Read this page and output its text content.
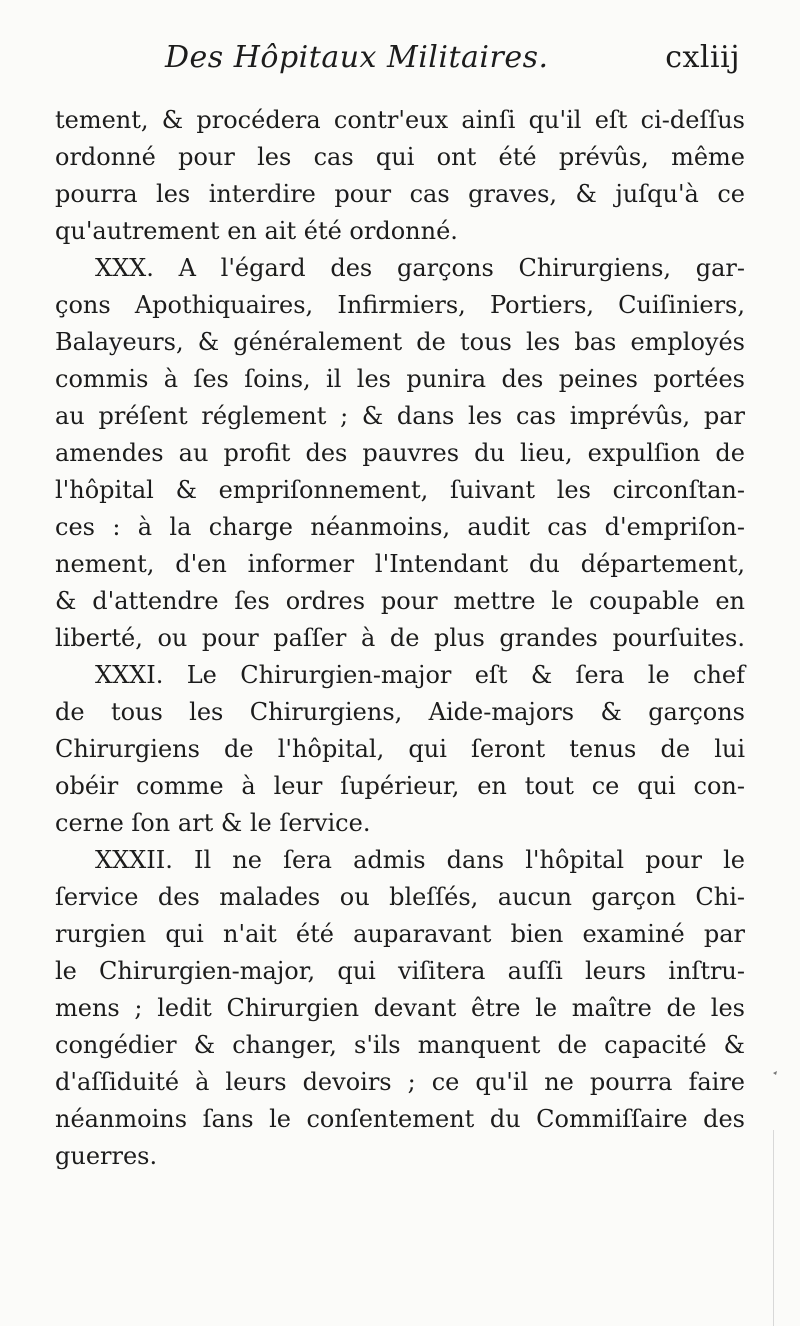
Des Hôpitaux Militaires.	cxliij
tement, & procédera contr'eux ainſi qu'il eſt ci-deſſus
ordonné pour les cas qui ont été prévûs, même
pourra les interdire pour cas graves, & juſqu'à ce
qu'autrement en ait été ordonné.
XXX. A l'égard des garçons Chirurgiens, gar-
çons Apothiquaires, Infirmiers, Portiers, Cuiſiniers,
Balayeurs, & généralement de tous les bas employés
commis à ſes ſoins, il les punira des peines portées
au préſent réglement ; & dans les cas imprévûs, par
amendes au profit des pauvres du lieu, expulſion de
l'hôpital & empriſonnement, ſuivant les circonſtan-
ces : à la charge néanmoins, audit cas d'empriſon-
nement, d'en informer l'Intendant du département,
& d'attendre ſes ordres pour mettre le coupable en
liberté, ou pour paſſer à de plus grandes pourſuites.
XXXI. Le Chirurgien-major eſt & ſera le chef
de tous les Chirurgiens, Aide-majors & garçons
Chirurgiens de l'hôpital, qui ſeront tenus de lui
obéir comme à leur ſupérieur, en tout ce qui con-
cerne ſon art & le ſervice.
XXXII. Il ne ſera admis dans l'hôpital pour le
ſervice des malades ou bleſſés, aucun garçon Chi-
rurgien qui n'ait été auparavant bien examiné par
le Chirurgien-major, qui viſitera auſſi leurs inſtru-
mens ; ledit Chirurgien devant être le maître de les
congédier & changer, s'ils manquent de capacité &
d'aſſiduité à leurs devoirs ; ce qu'il ne pourra faire
néanmoins ſans le conſentement du Commiſſaire des
guerres.
